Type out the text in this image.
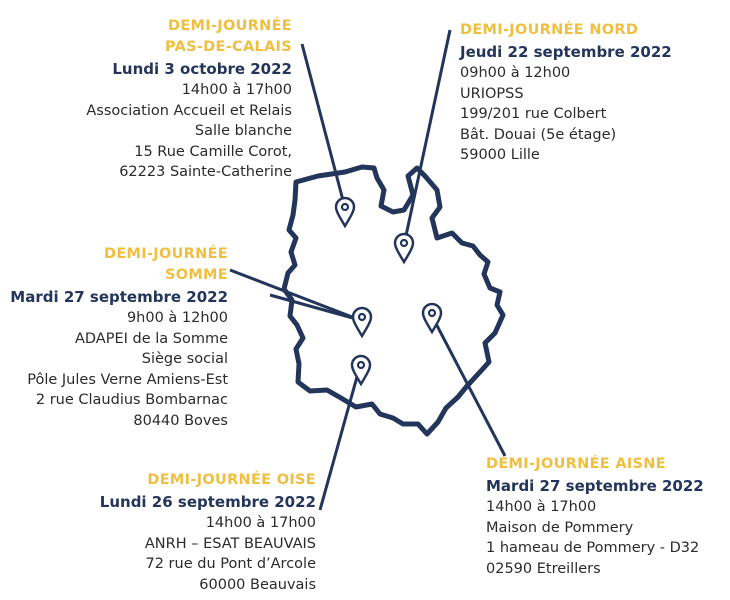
DEMI-JOURNÉE
PAS-DE-CALAIS
Lundi 3 octobre 2022
14h00 à 17h00
Association Accueil et Relais
Salle blanche
15 Rue Camille Corot,
62223 Sainte-Catherine
DEMI-JOURNÉE NORD
Jeudi 22 septembre 2022
09h00 à 12h00
URIOPSS
199/201 rue Colbert
Bât. Douai (5e étage)
59000 Lille
DEMI-JOURNÉE
SOMME
Mardi 27 septembre 2022
9h00 à 12h00
ADAPEI de la Somme
Siège social
Pôle Jules Verne Amiens-Est
2 rue Claudius Bombarnac
80440 Boves
DEMI-JOURNÉE OISE
Lundi 26 septembre 2022
14h00 à 17h00
ANRH – ESAT BEAUVAIS
72 rue du Pont d’Arcole
60000 Beauvais
DEMI-JOURNÉE AISNE
Mardi 27 septembre 2022
14h00 à 17h00
Maison de Pommery
1 hameau de Pommery - D32
02590 Etreillers
